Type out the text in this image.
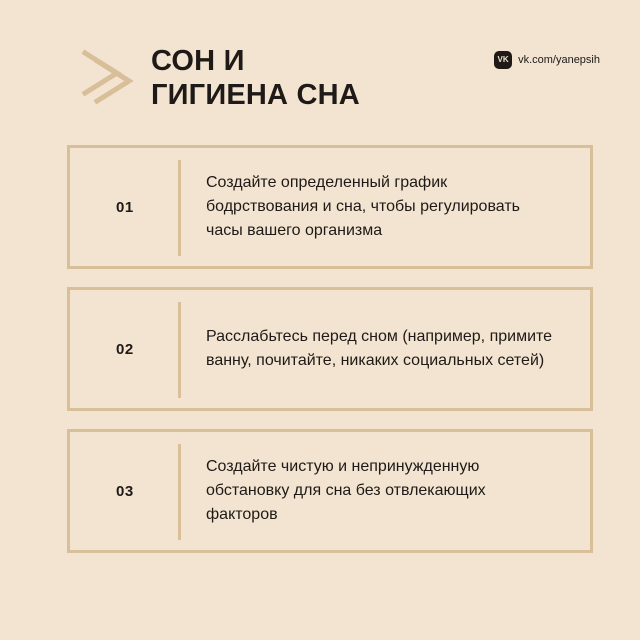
СОН И
ГИГИЕНА СНА
VK vk.com/yanepsih
01

Создайте определенный график бодрствования и сна, чтобы регулировать часы вашего организма

02

Расслабьтесь перед сном (например, примите ванну, почитайте, никаких социальных сетей)

03

Создайте чистую и непринужденную обстановку для сна без отвлекающих факторов
